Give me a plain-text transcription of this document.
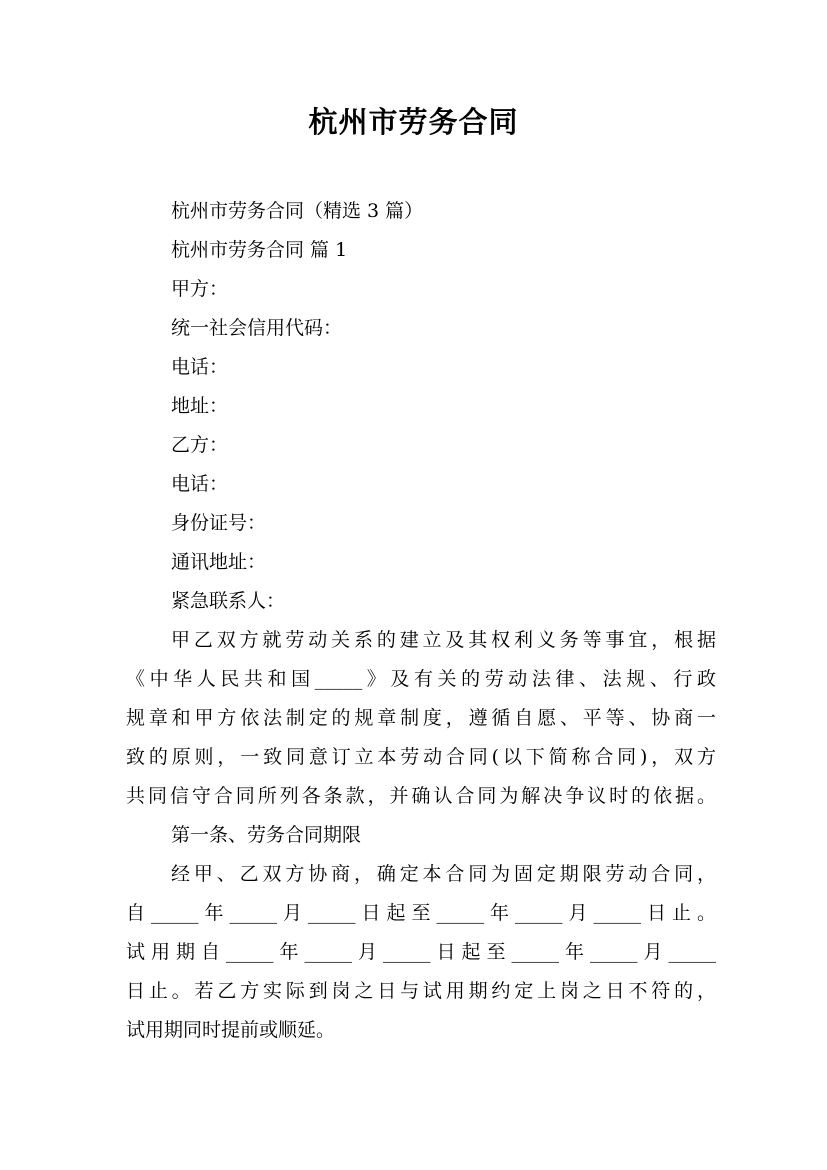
杭州市劳务合同
杭州市劳务合同（精选 3 篇）
杭州市劳务合同 篇 1
甲方：
统一社会信用代码：
电话：
地址：
乙方：
电话：
身份证号：
通讯地址：
紧急联系人：
甲乙双方就劳动关系的建立及其权利义务等事宜，根据
《中华人民共和国_____》及有关的劳动法律、法规、行政
规章和甲方依法制定的规章制度，遵循自愿、平等、协商一
致的原则，一致同意订立本劳动合同(以下简称合同)，双方
共同信守合同所列各条款，并确认合同为解决争议时的依据。
第一条、劳务合同期限
经甲、乙双方协商，确定本合同为固定期限劳动合同，
自_____年_____月_____日起至_____年_____月_____日止。
试用期自_____年_____月_____日起至_____年_____月_____
日止。若乙方实际到岗之日与试用期约定上岗之日不符的，
试用期同时提前或顺延。
